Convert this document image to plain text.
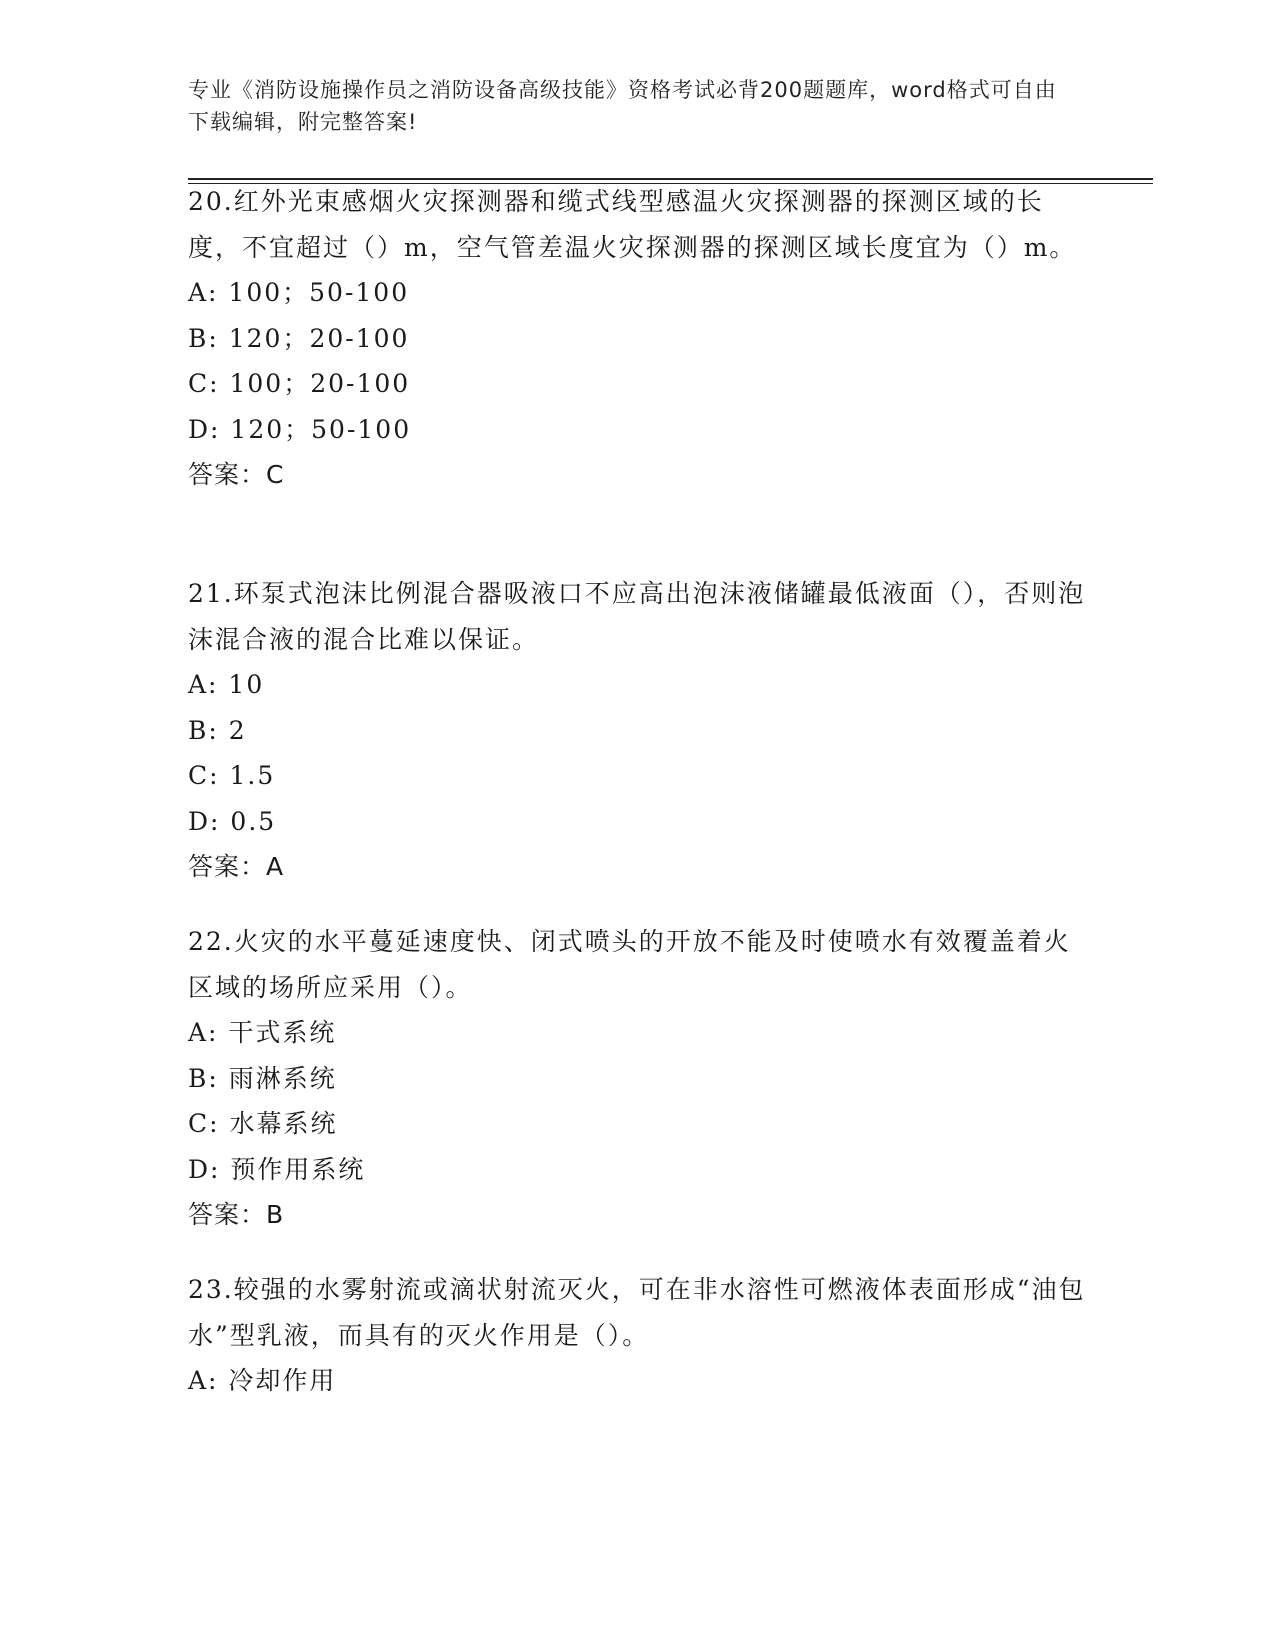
专业《消防设施操作员之消防设备高级技能》资格考试必背200题题库，word格式可自由下载编辑，附完整答案!

20.红外光束感烟火灾探测器和缆式线型感温火灾探测器的探测区域的长度，不宜超过（）m，空气管差温火灾探测器的探测区域长度宜为（）m。

A: 100；50-100

B: 120；20-100

C: 100；20-100

D: 120；50-100

答案：C

21.环泵式泡沫比例混合器吸液口不应高出泡沫液储罐最低液面（），否则泡沫混合液的混合比难以保证。

A: 10

B: 2

C: 1.5

D: 0.5

答案：A

22.火灾的水平蔓延速度快、闭式喷头的开放不能及时使喷水有效覆盖着火区域的场所应采用（）。

A: 干式系统

B: 雨淋系统

C: 水幕系统

D: 预作用系统

答案：B

23.较强的水雾射流或滴状射流灭火，可在非水溶性可燃液体表面形成“油包水”型乳液，而具有的灭火作用是（）。

A: 冷却作用
